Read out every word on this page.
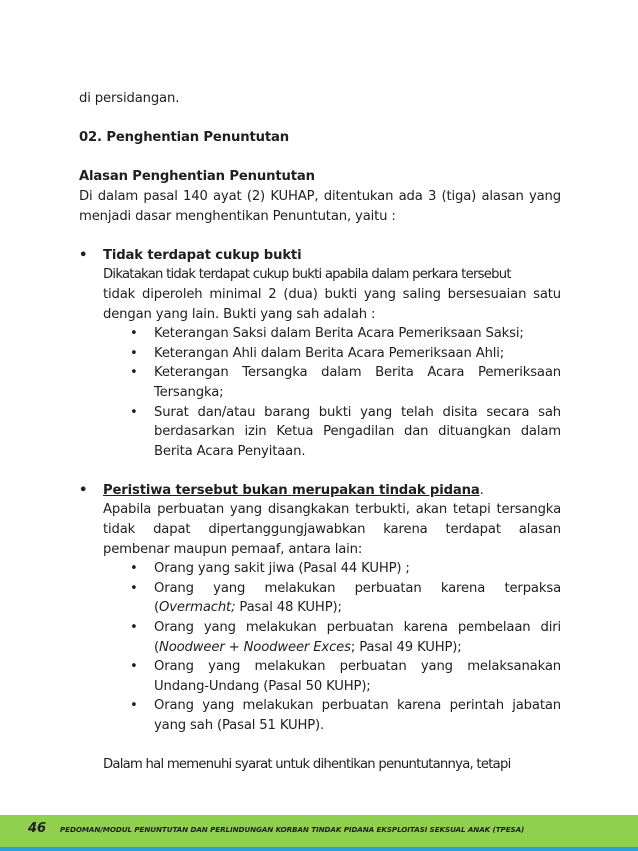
di persidangan.

02. Penghentian Penuntutan

Alasan Penghentian Penuntutan

Di dalam pasal 140 ayat (2) KUHAP, ditentukan ada 3 (tiga) alasan yang menjadi dasar menghentikan Penuntutan, yaitu :

• Tidak terdapat cukup bukti

Dikatakan tidak terdapat cukup bukti apabila dalam perkara tersebut

tidak diperoleh minimal 2 (dua) bukti yang saling bersesuaian satu dengan yang lain. Bukti yang sah adalah :

• Keterangan Saksi dalam Berita Acara Pemeriksaan Saksi;
• Keterangan Ahli dalam Berita Acara Pemeriksaan Ahli;
• Keterangan Tersangka dalam Berita Acara Pemeriksaan Tersangka;
• Surat dan/atau barang bukti yang telah disita secara sah berdasarkan izin Ketua Pengadilan dan dituangkan dalam Berita Acara Penyitaan.
• Peristiwa tersebut bukan merupakan tindak pidana.

Apabila perbuatan yang disangkakan terbukti, akan tetapi tersangka tidak dapat dipertanggungjawabkan karena terdapat alasan pembenar maupun pemaaf, antara lain:

• Orang yang sakit jiwa (Pasal 44 KUHP) ;
• Orang yang melakukan perbuatan karena terpaksa (Overmacht; Pasal 48 KUHP);
• Orang yang melakukan perbuatan karena pembelaan diri (Noodweer + Noodweer Exces; Pasal 49 KUHP);
• Orang yang melakukan perbuatan yang melaksanakan Undang-Undang (Pasal 50 KUHP);
• Orang yang melakukan perbuatan karena perintah jabatan yang sah (Pasal 51 KUHP).

Dalam hal memenuhi syarat untuk dihentikan penuntutannya, tetapi

46 PEDOMAN/MODUL PENUNTUTAN DAN PERLINDUNGAN KORBAN TINDAK PIDANA EKSPLOITASI SEKSUAL ANAK (TPESA)
